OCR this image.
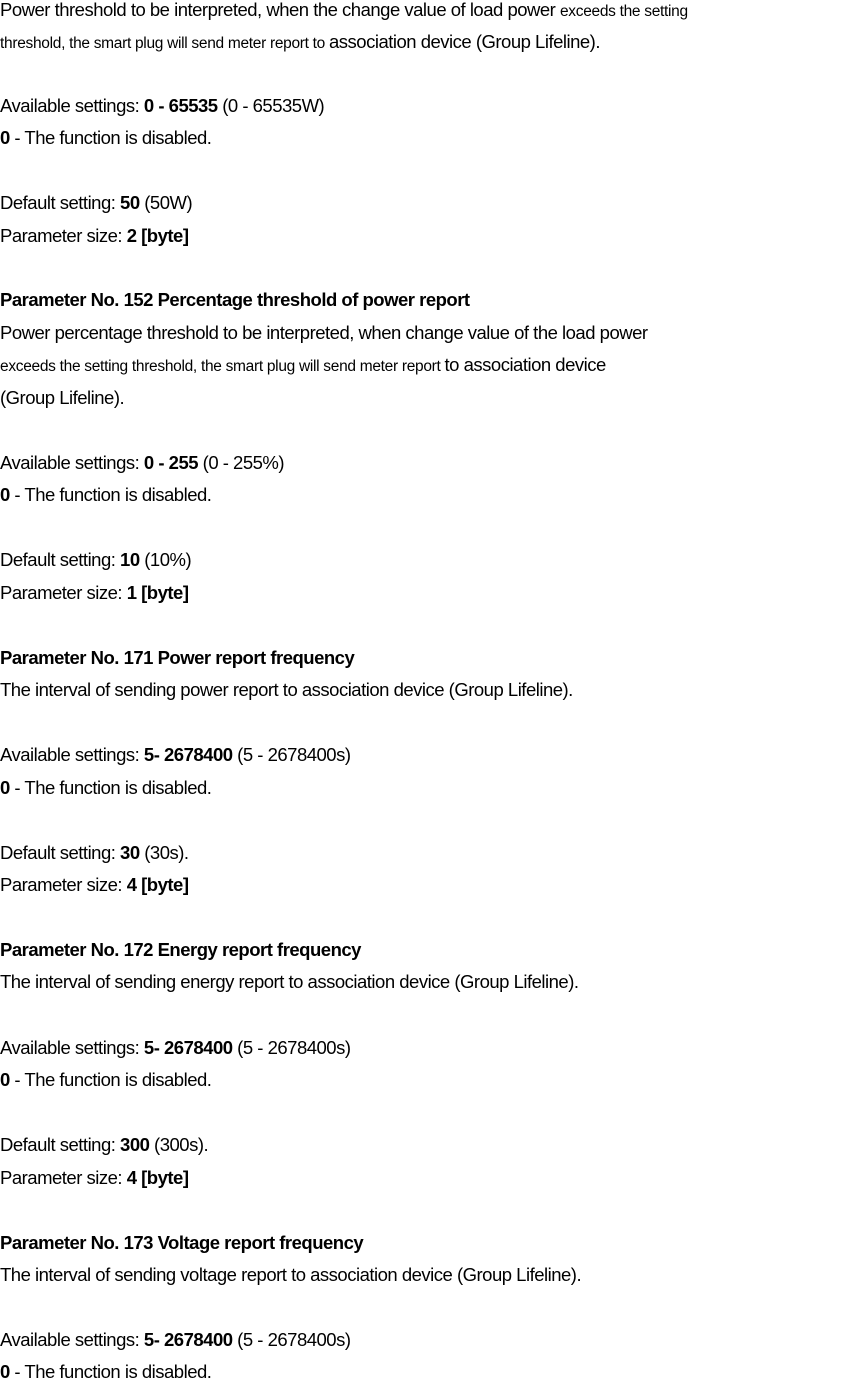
Power threshold to be interpreted, when the change value of load power exceeds the setting
threshold, the smart plug will send meter report to association device (Group Lifeline).
Available settings: 0 - 65535 (0 - 65535W)
0 - The function is disabled.
Default setting: 50 (50W)
Parameter size: 2 [byte]
Parameter No. 152 Percentage threshold of power report
Power percentage threshold to be interpreted, when change value of the load power
exceeds the setting threshold, the smart plug will send meter report to association device
(Group Lifeline).
Available settings: 0 - 255 (0 - 255%)
0 - The function is disabled.
Default setting: 10 (10%)
Parameter size: 1 [byte]
Parameter No. 171 Power report frequency
The interval of sending power report to association device (Group Lifeline).
Available settings: 5- 2678400 (5 - 2678400s)
0 - The function is disabled.
Default setting: 30 (30s).
Parameter size: 4 [byte]
Parameter No. 172 Energy report frequency
The interval of sending energy report to association device (Group Lifeline).
Available settings: 5- 2678400 (5 - 2678400s)
0 - The function is disabled.
Default setting: 300 (300s).
Parameter size: 4 [byte]
Parameter No. 173 Voltage report frequency
The interval of sending voltage report to association device (Group Lifeline).
Available settings: 5- 2678400 (5 - 2678400s)
0 - The function is disabled.
